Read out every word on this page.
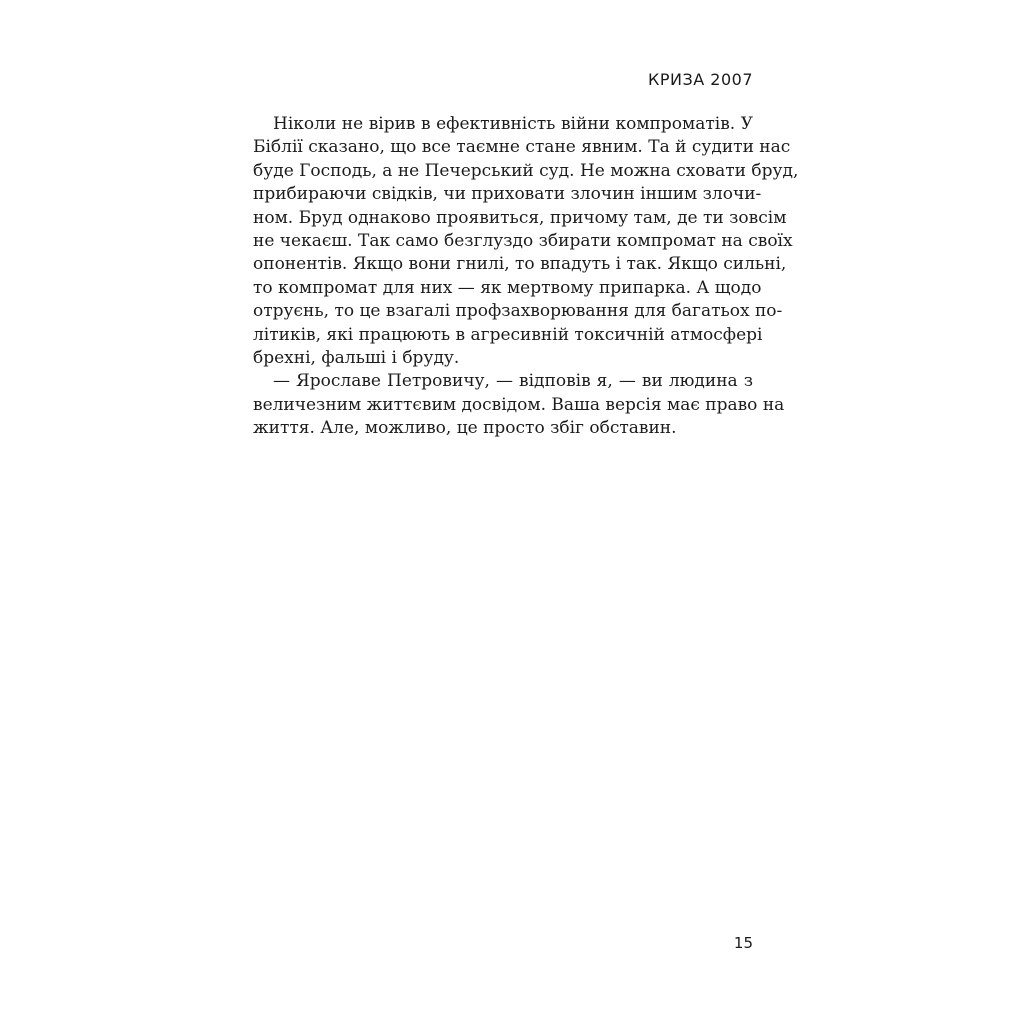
КРИЗА 2007
Ніколи не вірив в ефективність війни компроматів. У
Біблії сказано, що все таємне стане явним. Та й судити нас
буде Господь, а не Печерський суд. Не можна сховати бруд,
прибираючи свідків, чи приховати злочин іншим злочи-
ном. Бруд однаково проявиться, причому там, де ти зовсім
не чекаєш. Так само безглуздо збирати компромат на своїх
опонентів. Якщо вони гнилі, то впадуть і так. Якщо сильні,
то компромат для них — як мертвому припарка. А щодо
отруєнь, то це взагалі профзахворювання для багатьох по-
літиків, які працюють в агресивній токсичній атмосфері
брехні, фальші і бруду.
— Ярославе Петровичу, — відповів я, — ви людина з
величезним життєвим досвідом. Ваша версія має право на
життя. Але, можливо, це просто збіг обставин.
15
